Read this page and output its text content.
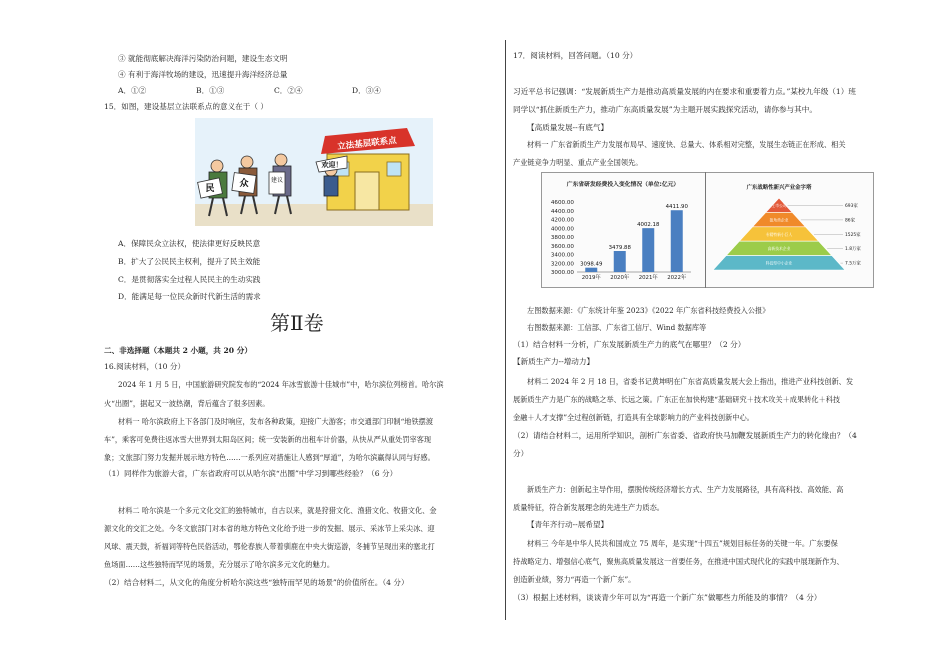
③ 就能彻底解决海洋污染防治问题，建设生态文明
④ 有利于海洋牧场的建设，迅速提升海洋经济总量
A．①②	B．①③	C．②④	D．③④
15．如图，建设基层立法联系点的意义在于（ ）
立法基层联系点
欢迎！
民	众	建议
A．保障民众立法权，使法律更好反映民意
B．扩大了公民民主权利，提升了民主效能
C．是贯彻落实全过程人民民主的生动实践
D．能满足每一位民众新时代新生活的需求
第Ⅱ卷
二、非选择题（本题共 2 小题，共 20 分）
16.阅读材料，（10 分）
2024 年 1 月 5 日，中国旅游研究院发布的“2024 年冰雪旅游十佳城市”中，哈尔滨位列榜首。哈尔滨
火“出圈”，据起又一波热潮，背后蕴含了很多因素。
材料一 哈尔滨政府上下各部门及时响应，发布各种政策，迎接广大游客；市交通部门印制“地铁摆渡
车”，乘客可免费往返冰雪大世界到太阳岛区间；统一安装新的出租车计价器，从快从严从重处罚宰客现
象；文旅部门努力发掘并展示地方特色……一系列应对措施让人感到“厚道”，为哈尔滨赢得认同与好感。
（1）同样作为旅游大省，广东省政府可以从哈尔滨“出圈”中学习到哪些经验？（6 分）
材料二 哈尔滨是一个多元文化交汇的独特城市，自古以来，就是狩猎文化、渔猎文化、牧猎文化、金
源文化的交汇之处。今冬文旅部门对本省的地方特色文化给予进一步的发掘、展示、采冰节上采尖冰、迎
风球、震天鼓，祈福词等特色民俗活动，鄂伦春族人带着驯鹿在中央大街巡游，冬捕节呈现出来的塞北打
鱼场面……这些独特而罕见的场景，充分展示了哈尔滨多元文化的魅力。
（2）结合材料二，从文化的角度分析哈尔滨这些“独特而罕见的场景”的价值所在。（4 分）
17．阅读材料，回答问题。（10 分）
习近平总书记强调：“发展新质生产力是推动高质量发展的内在要求和重要着力点。”某校九年级（1）班
同学以“抓住新质生产力，推动广东高质量发展”为主题开展实践探究活动，请你参与其中。
【高质量发展--有底气】
材料一 广东省新质生产力发展布局早、速度快、总量大、体系相对完整，发展生态链正在形成、相关
产业链竞争力明显、重点产业全国领先。
左图数据来源：《广东统计年鉴 2023》《2022 年广东省科技经费投入公报》
右图数据来源：工信部、广东省工信厅、Wind 数据库等
（1）结合材料一分析，广东发展新质生产力的底气在哪里？（2 分）
【新质生产力--增动力】
材料二 2024 年 2 月 18 日，省委书记黄坤明在广东省高质量发展大会上指出，推进产业科技创新、发
展新质生产力是广东的战略之举、长远之策。广东正在加快构建“基础研究＋技术攻关＋成果转化＋科技
金融＋人才支撑”全过程创新链，打造具有全球影响力的产业科技创新中心。
（2）请结合材料二，运用所学知识，剖析广东省委、省政府快马加鞭发展新质生产力的转化缘由？（4
分）
新质生产力：创新起主导作用，摆脱传统经济增长方式、生产力发展路径，具有高科技、高效能、高
质量特征，符合新发展理念的先进生产力质态。
【青年齐行动--展希望】
材料三 今年是中华人民共和国成立 75 周年，是实现“十四五”规划目标任务的关键一年。广东要保
持战略定力、增强信心底气，聚焦高质量发展这一首要任务，在推进中国式现代化的实践中展现新作为、
创造新业绩，努力“再造一个新广东”。
（3）根据上述材料，谈谈青少年可以为“再造一个新广东”做哪些力所能及的事情？（4 分）
广东省研发经费投入变化情况（单位:亿元）
4600.00
4400.00
4200.00
4000.00
3800.00
3600.00
3400.00
3200.00
3000.00
3098.49
2019年
3479.88
2020年
4002.18
2021年
4411.90
2022年
广东战略性新兴产业金字塔
上市公司	693家
独角兽企业	86家
专精特新小巨人	1525家
高新技术企业	1.8万家
科技型中小企业	7.5万家
